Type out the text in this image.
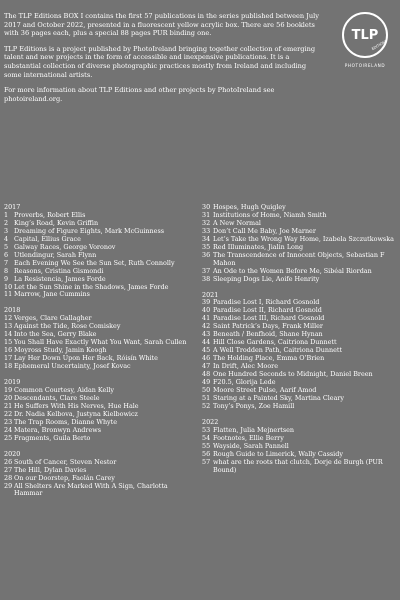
The TLP Editions BOX I contains the first 57 publications in the series published between July 2017 and October 2022, presented in a fluorescent yellow acrylic box. There are 56 booklets with 36 pages each, plus a special 88 pages PUR binding one.

TLP Editions is a project published by PhotoIreland bringing together collection of emerging talent and new projects in the form of accessible and inexpensive publications. It is a substantial collection of diverse photographic practices mostly from Ireland and including some international artists.

For more information about TLP Editions and other projects by PhotoIreland see photoireland.org.

TLP
EDITIONS
PHOTOIRELAND
2017
1 Proverbs, Robert Ellis
2 King’s Road, Kevin Griffin
3 Dreaming of Figure Eights, Mark McGuinness
4 Capital, Ellius Grace
5 Galway Races, George Voronov
6 Utlendingur, Sarah Flynn
7 Each Evening We See the Sun Set, Ruth Connolly
8 Reasons, Cristina Gismondi
9 La Resistencia, James Forde
10 Let the Sun Shine in the Shadows, James Forde
11 Marrow, Jane Cummins
2018
12 Verges, Clare Gallagher
13 Against the Tide, Rose Comiskey
14 Into the Sea, Gerry Blake
15 You Shall Have Exactly What You Want, Sarah Cullen
16 Moyross Study, Jamin Keogh
17 Lay Her Down Upon Her Back, Róisín White
18 Ephemeral Uncertainty, Josef Kovac
2019
19 Common Courtesy, Aidan Kelly
20 Descendants, Clare Steele
21 He Suffers With His Nerves, Hue Hale
22 Dr. Nadia Kelbova, Justyna Kielbowicz
23 The Trap Rooms, Dianne Whyte
24 Matera, Bronwyn Andrews
25 Fragments, Guila Berto
2020
26 South of Cancer, Steven Nestor
27 The Hill, Dylan Davies
28 On our Doorstep, Faolán Carey
29 All Shelters Are Marked With A Sign, Charlotta Hammar
30 Hospes, Hugh Quigley
31 Institutions of Home, Niamh Smith
32 A New Normal
33 Don’t Call Me Baby, Joe Marner
34 Let’s Take the Wrong Way Home, Izabela Szczutkowska
35 Red Illuminates, Jialin Long
36 The Transcendence of Innocent Objects, Sebastian F Mahon
37 An Ode to the Women Before Me, Sibéal Riordan
38 Sleeping Dogs Lie, Aoife Henrity
2021
39 Paradise Lost I, Richard Gosnold
40 Paradise Lost II, Richard Gosnold
41 Paradise Lost III, Richard Gosnold
42 Saint Patrick’s Days, Frank Miller
43 Beneath / Benfhoid, Shane Hynan
44 Hill Close Gardens, Caitriona Dunnett
45 A Well Trodden Path, Caitriona Dunnett
46 The Holding Place, Emma O’Brien
47 In Drift, Alec Moore
48 One Hundred Seconds to Midnight, Daniel Breen
49 F20.5, Glorija Lede
50 Moore Street Pulse, Aarif Amod
51 Staring at a Painted Sky, Martina Cleary
52 Tony’s Ponys, Zoe Hamill
2022
53 Flatten, Julia Mejnertsen
54 Footnotes, Ellie Berry
55 Wayside, Sarah Pannell
56 Rough Guide to Limerick, Wally Cassidy
57 what are the roots that clutch, Dorje de Burgh (PUR Bound)
